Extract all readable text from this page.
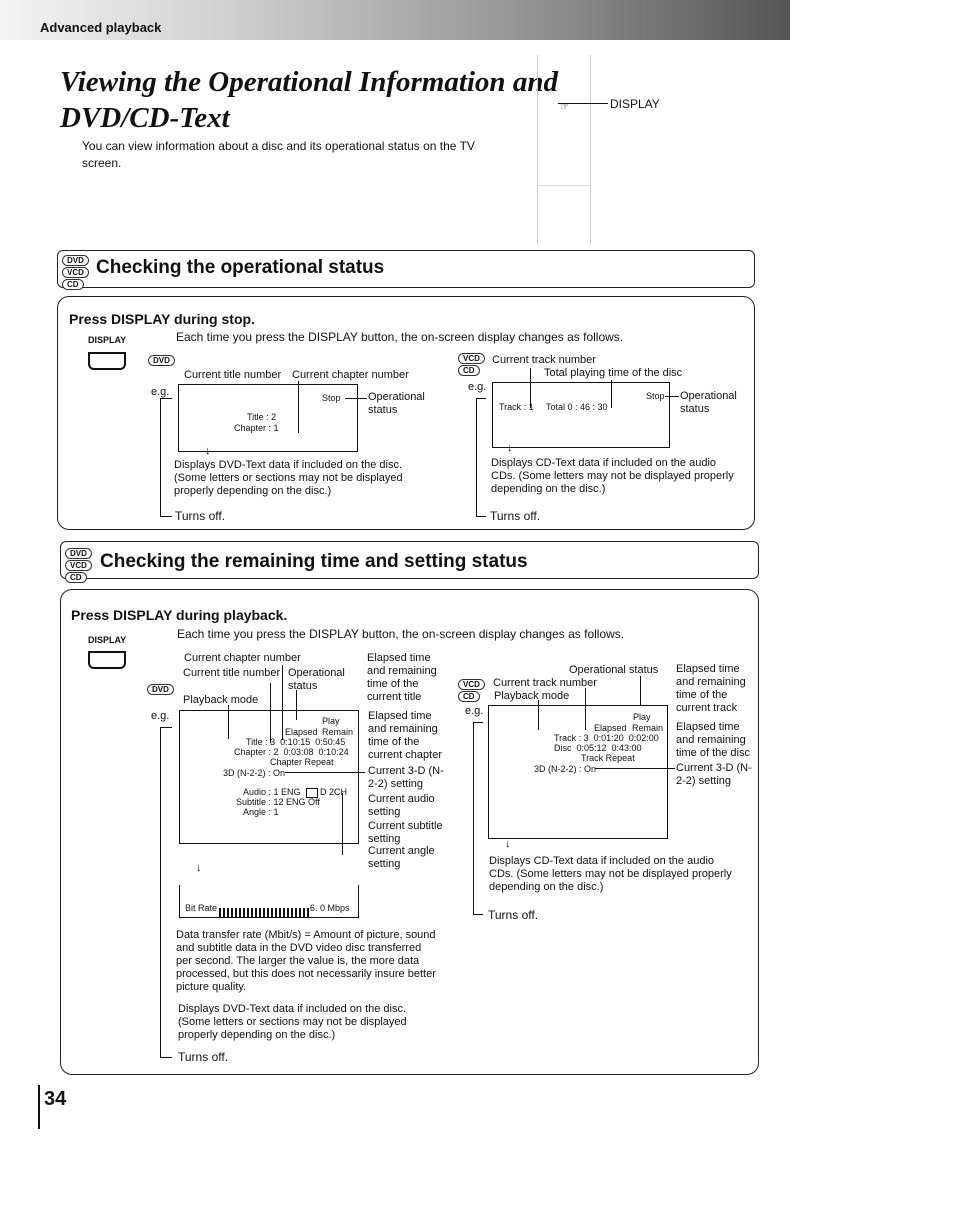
Advanced playback
Viewing the Operational Information and
DVD/CD-Text
You can view information about a disc and its operational status on the TV screen.
☞	DISPLAY
DVD
VCD
CD
Checking the operational status
Press DISPLAY during stop.
DISPLAY	Each time you press the DISPLAY button, the on-screen display changes as follows.
DVD
Current title number Current chapter number
e.g.
Title : 2
Chapter : 1
Stop Operational status
↓
Displays DVD-Text data if included on the disc. (Some letters or sections may not be displayed properly depending on the disc.)
Turns off.
VCD
CD
Current track number
Total playing time of the disc
e.g.
Track : 1 Total 0 : 46 : 30
Stop Operational status
↓
Displays CD-Text data if included on the audio CDs. (Some letters may not be displayed properly depending on the disc.)
Turns off.
DVD
VCD
CD
Checking the remaining time and setting status
Press DISPLAY during playback.
DISPLAY	Each time you press the DISPLAY button, the on-screen display changes as follows.
Current chapter number
Current title number Operational status
DVD
Playback mode
Elapsed time and remaining time of the current title
Elapsed time and remaining time of the current chapter
Current 3-D (N-2-2) setting
Current audio setting
Current subtitle setting
Current angle setting
e.g.	Play
Elapsed Remain
Title : 3  0:10:15  0:50:45
Chapter : 2  0:03:08  0:10:24
Chapter Repeat
3D (N-2-2) : On
Audio : 1 ENG D 2CH
Subtitle : 12 ENG Off
Angle : 1
↓
Bit Rate	6. 0 Mbps
Data transfer rate (Mbit/s) = Amount of picture, sound and subtitle data in the DVD video disc transferred per second. The larger the value is, the more data processed, but this does not necessarily insure better picture quality.
Displays DVD-Text data if included on the disc. (Some letters or sections may not be displayed properly depending on the disc.)
Turns off.
Operational status
VCD
CD
Current track number
Playback mode
Elapsed time and remaining time of the current track
Elapsed time and remaining time of the disc
Current 3-D (N-2-2) setting
e.g.	Play
Elapsed Remain
Track : 3  0:01:20  0:02:00
Disc  0:05:12  0:43:00
Track Repeat
3D (N-2-2) : On
↓
Displays CD-Text data if included on the audio CDs. (Some letters may not be displayed properly depending on the disc.)
Turns off.
34
